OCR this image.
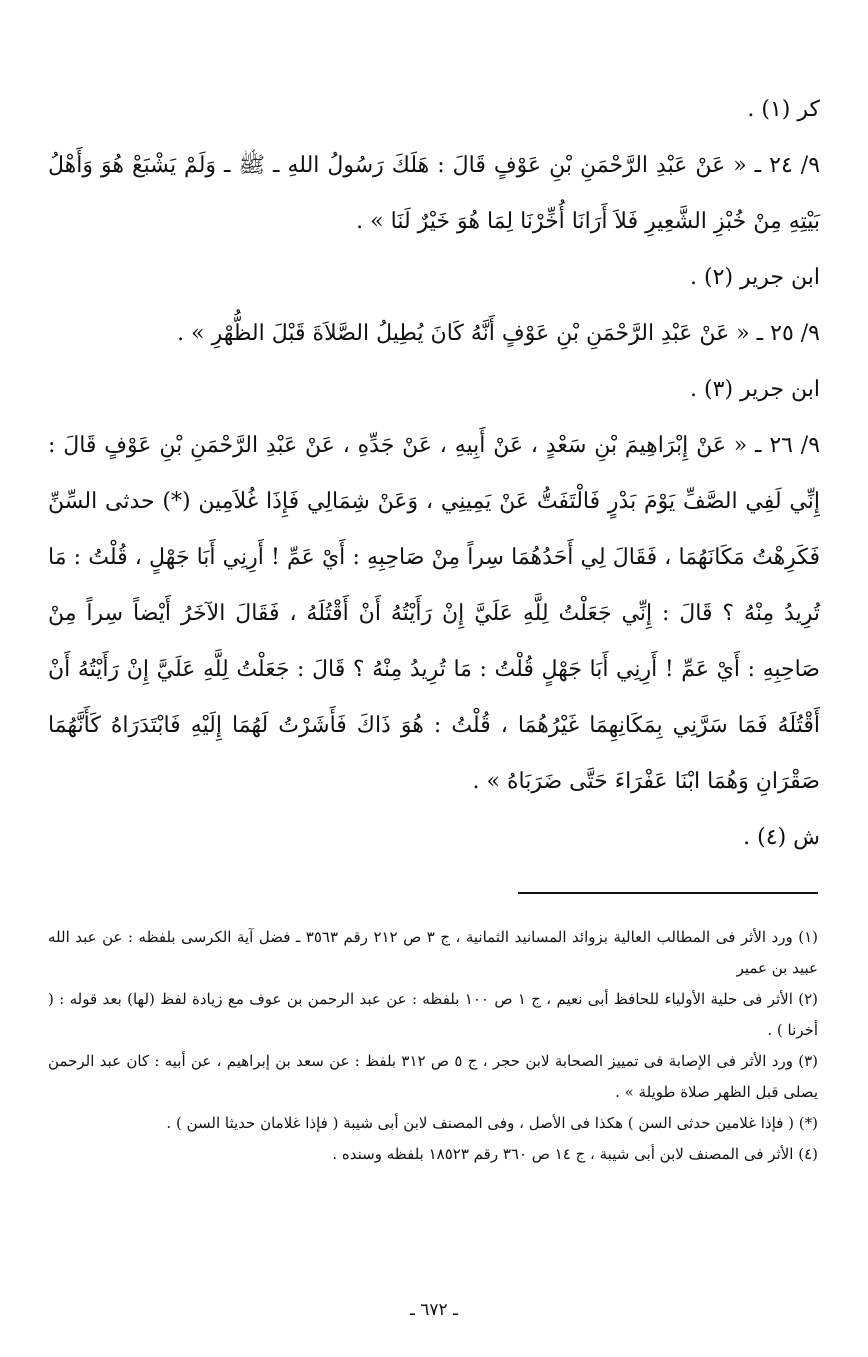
كر (١) .

٩/ ٢٤ ـ « عَنْ عَبْدِ الرَّحْمَنِ بْنِ عَوْفٍ قَالَ : هَلَكَ رَسُولُ اللهِ ـ ﷺ ـ وَلَمْ يَشْبَعْ هُوَ وَأَهْلُ بَيْتِهِ مِنْ خُبْزِ الشَّعِيرِ فَلاَ أَرَانَا أُخِّرْنَا لِمَا هُوَ خَيْرٌ لَنَا » .

ابن جرير (٢) .

٩/ ٢٥ ـ « عَنْ عَبْدِ الرَّحْمَنِ بْنِ عَوْفٍ أَنَّهُ كَانَ يُطِيلُ الصَّلاَةَ قَبْلَ الظُّهْرِ » .

ابن جرير (٣) .

٩/ ٢٦ ـ « عَنْ إِبْرَاهِيمَ بْنِ سَعْدٍ ، عَنْ أَبِيهِ ، عَنْ جَدِّهِ ، عَنْ عَبْدِ الرَّحْمَنِ بْنِ عَوْفٍ قَالَ : إِنِّي لَفِي الصَّفِّ يَوْمَ بَدْرٍ فَالْتَفَتُّ عَنْ يَمِينِي ، وَعَنْ شِمَالِي فَإِذَا غُلاَمِين (*) حدثى السِّنِّ فَكَرِهْتُ مَكَانَهُمَا ، فَقَالَ لِي أَحَدُهُمَا سِراً مِنْ صَاحِبِهِ : أَيْ عَمِّ ! أَرِنِي أَبَا جَهْلٍ ، قُلْتُ : مَا تُرِيدُ مِنْهُ ؟ قَالَ : إِنِّي جَعَلْتُ لِلَّهِ عَلَيَّ إِنْ رَأَيْتُهُ أَنْ أَقْتُلَهُ ، فَقَالَ الآخَرُ أَيْضاً سِراً مِنْ صَاحِبِهِ : أَيْ عَمِّ ! أَرِنِي أَبَا جَهْلٍ قُلْتُ : مَا تُرِيدُ مِنْهُ ؟ قَالَ : جَعَلْتُ لِلَّهِ عَلَيَّ إِنْ رَأَيْتُهُ أَنْ أَقْتُلَهُ فَمَا سَرَّنِي بِمَكَانِهِمَا غَيْرُهُمَا ، قُلْتُ : هُوَ ذَاكَ فَأَشَرْتُ لَهُمَا إِلَيْهِ فَابْتَدَرَاهُ كَأَنَّهُمَا صَقْرَانِ وَهُمَا ابْنَا عَفْرَاءَ حَتَّى ضَرَبَاهُ » .

ش (٤) .

(١) ورد الأثر فى المطالب العالية بزوائد المسانيد الثمانية ، ج ٣ ص ٢١٢ رقم ٣٥٦٣ ـ فضل آية الكرسى بلفظه : عن عبد الله عبيد بن عمير

(٢) الأثر فى حلية الأولياء للحافظ أبى نعيم ، ج ١ ص ١٠٠ بلفظه : عن عبد الرحمن بن عوف مع زيادة لفظ (لها) بعد قوله : ( أخرنا ) .

(٣) ورد الأثر فى الإصابة فى تمييز الصحابة لابن حجر ، ج ٥ ص ٣١٢ بلفظ : عن سعد بن إبراهيم ، عن أبيه : كان عبد الرحمن يصلى قبل الظهر صلاة طويلة » .

(*) ( فإذا غلامين حدثى السن ) هكذا فى الأصل ، وفى المصنف لابن أبى شيبة ( فإذا غلامان حديثا السن ) .

(٤) الأثر فى المصنف لابن أبى شيبة ، ج ١٤ ص ٣٦٠ رقم ١٨٥٢٣ بلفظه وسنده .

ـ ٦٧٢ ـ
